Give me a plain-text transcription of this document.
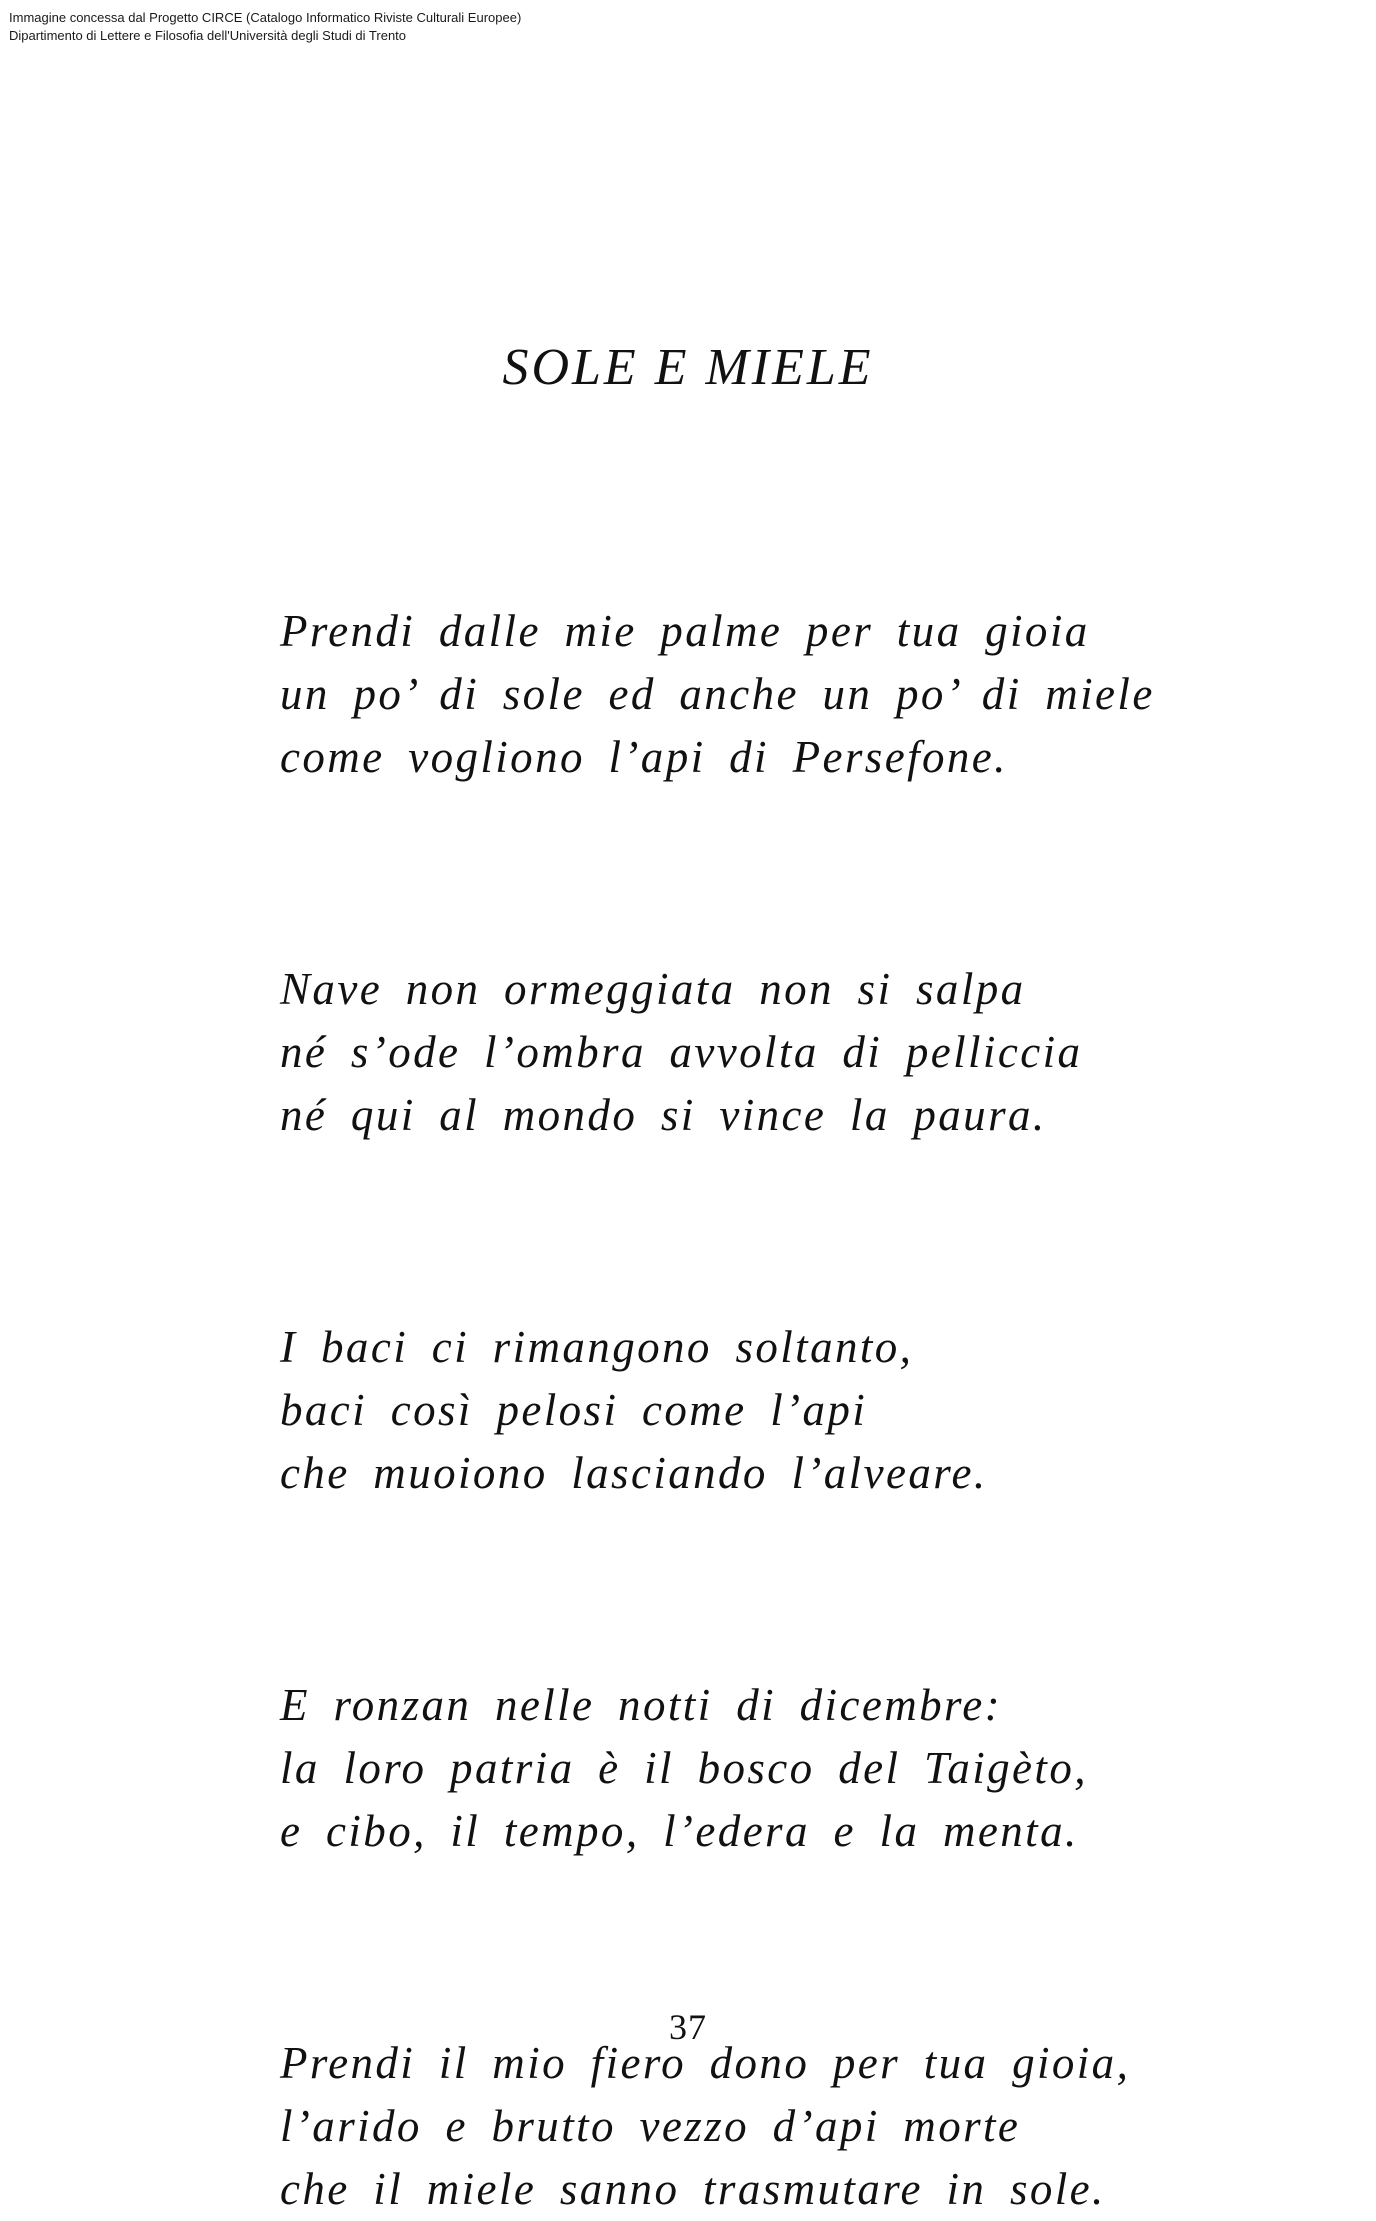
Immagine concessa dal Progetto CIRCE (Catalogo Informatico Riviste Culturali Europee)
Dipartimento di Lettere e Filosofia dell'Università degli Studi di Trento
SOLE E MIELE
Prendi dalle mie palme per tua gioia
un po’ di sole ed anche un po’ di miele
come vogliono l’api di Persefone.
Nave non ormeggiata non si salpa
né s’ode l’ombra avvolta di pelliccia
né qui al mondo si vince la paura.
I baci ci rimangono soltanto,
baci così pelosi come l’api
che muoiono lasciando l’alveare.
E ronzan nelle notti di dicembre:
la loro patria è il bosco del Taigèto,
e cibo, il tempo, l’edera e la menta.
Prendi il mio fiero dono per tua gioia,
l’arido e brutto vezzo d’api morte
che il miele sanno trasmutare in sole.
37
